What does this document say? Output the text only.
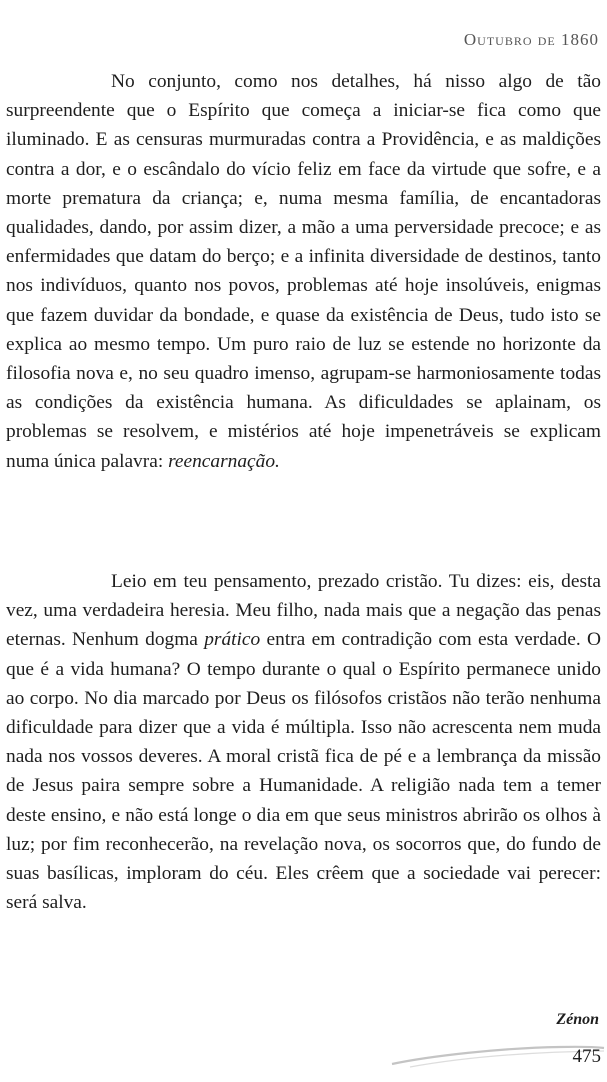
Outubro de 1860

No conjunto, como nos detalhes, há nisso algo de tão surpreendente que o Espírito que começa a iniciar-se fica como que iluminado. E as censuras murmuradas contra a Providência, e as maldições contra a dor, e o escândalo do vício feliz em face da virtude que sofre, e a morte prematura da criança; e, numa mesma família, de encantadoras qualidades, dando, por assim dizer, a mão a uma perversidade precoce; e as enfermidades que datam do berço; e a infinita diversidade de destinos, tanto nos indivíduos, quanto nos povos, problemas até hoje insolúveis, enigmas que fazem duvidar da bondade, e quase da existência de Deus, tudo isto se explica ao mesmo tempo. Um puro raio de luz se estende no horizonte da filosofia nova e, no seu quadro imenso, agrupam-se harmoniosamente todas as condições da existência humana. As dificuldades se aplainam, os problemas se resolvem, e mistérios até hoje impenetráveis se explicam numa única palavra: reencarnação.

Leio em teu pensamento, prezado cristão. Tu dizes: eis, desta vez, uma verdadeira heresia. Meu filho, nada mais que a negação das penas eternas. Nenhum dogma prático entra em contradição com esta verdade. O que é a vida humana? O tempo durante o qual o Espírito permanece unido ao corpo. No dia marcado por Deus os filósofos cristãos não terão nenhuma dificuldade para dizer que a vida é múltipla. Isso não acrescenta nem muda nada nos vossos deveres. A moral cristã fica de pé e a lembrança da missão de Jesus paira sempre sobre a Humanidade. A religião nada tem a temer deste ensino, e não está longe o dia em que seus ministros abrirão os olhos à luz; por fim reconhecerão, na revelação nova, os socorros que, do fundo de suas basílicas, imploram do céu. Eles crêem que a sociedade vai perecer: será salva.

Zénon
475
